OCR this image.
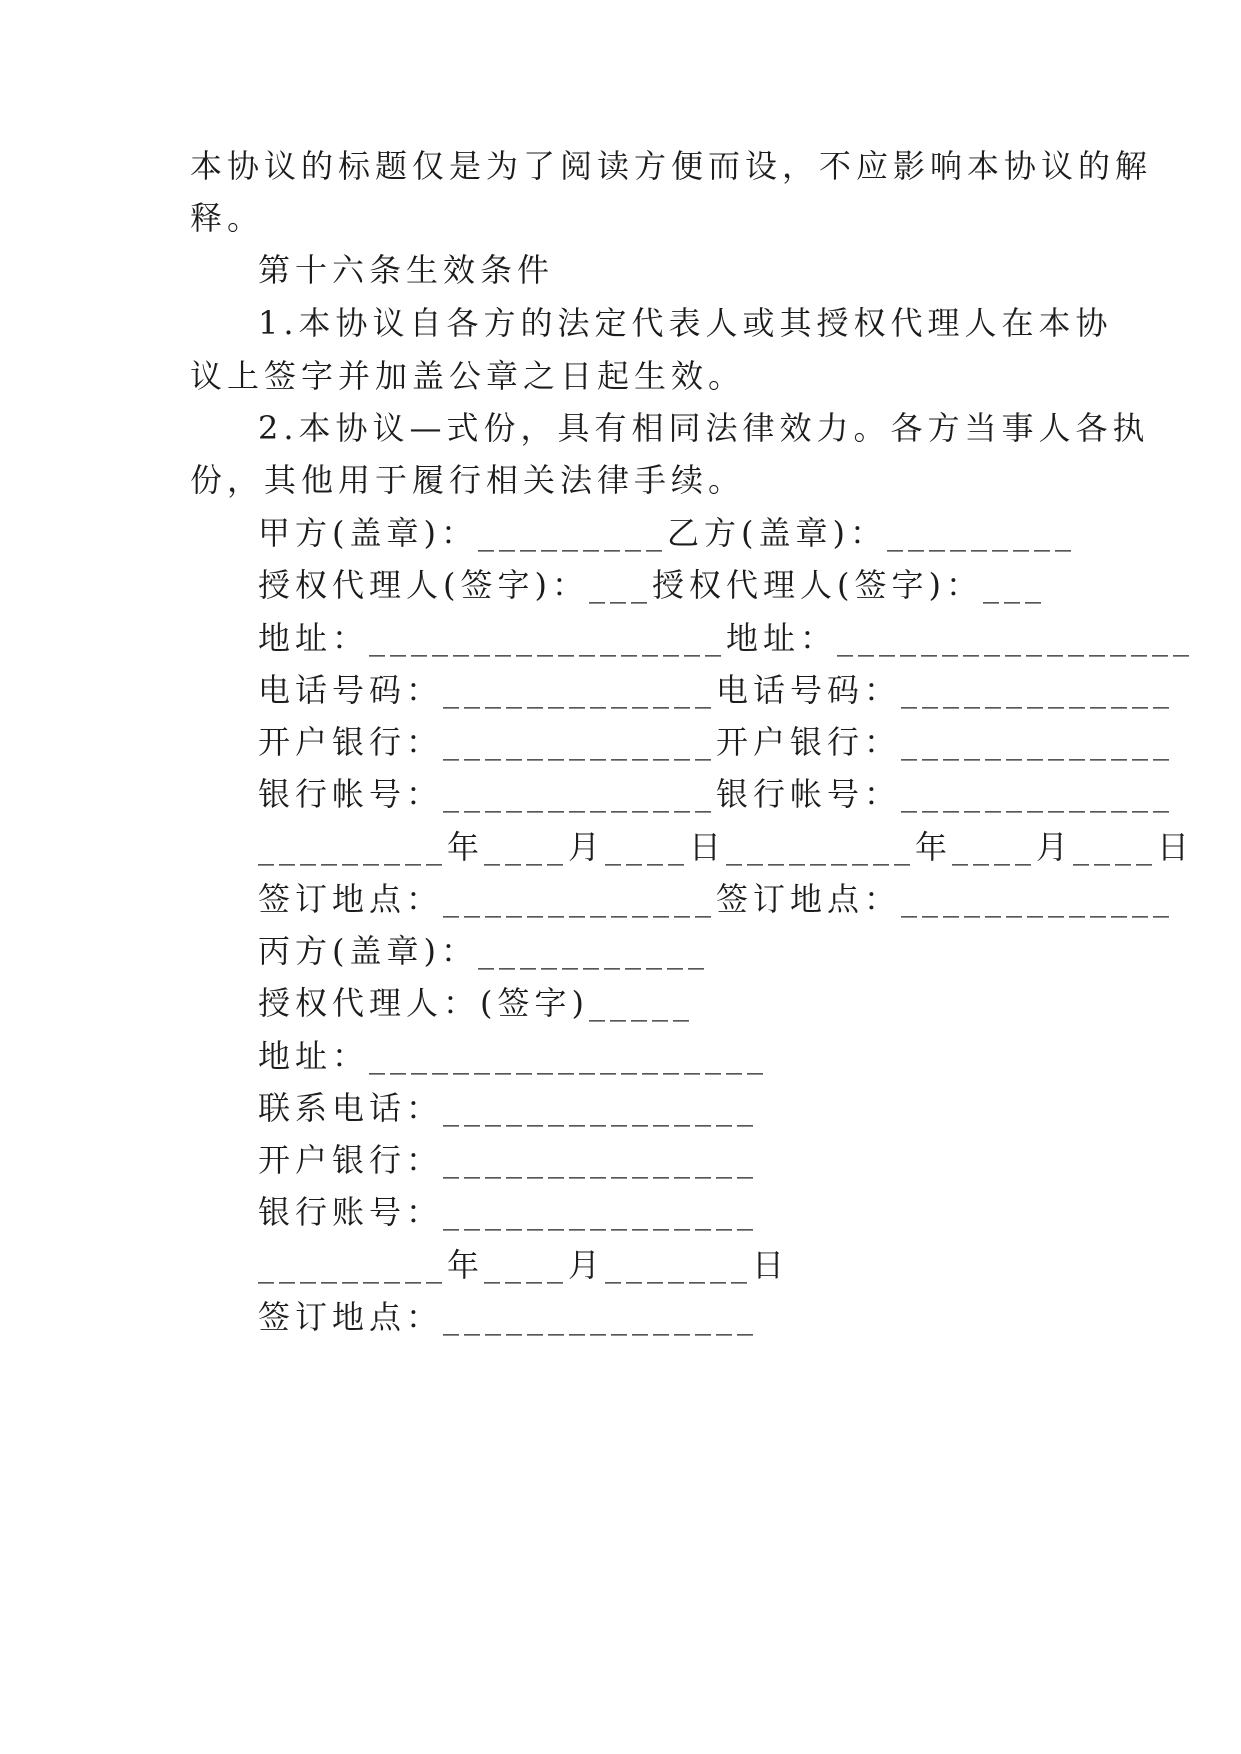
本协议的标题仅是为了阅读方便而设，不应影响本协议的解
释。
第十六条生效条件
1.本协议自各方的法定代表人或其授权代理人在本协
议上签字并加盖公章之日起生效。
2.本协议—式份，具有相同法律效力。各方当事人各执
份，其他用于履行相关法律手续。
甲方(盖章)：_________乙方(盖章)：_________
授权代理人(签字)：___授权代理人(签字)：___
地址：_________________地址：_________________
电话号码：_____________电话号码：_____________
开户银行：_____________开户银行：_____________
银行帐号：_____________银行帐号：_____________
_________年____月____日_________年____月____日
签订地点：_____________签订地点：_____________
丙方(盖章)：___________
授权代理人：(签字)_____
地址：___________________
联系电话：_______________
开户银行：_______________
银行账号：_______________
_________年____月_______日
签订地点：_______________
